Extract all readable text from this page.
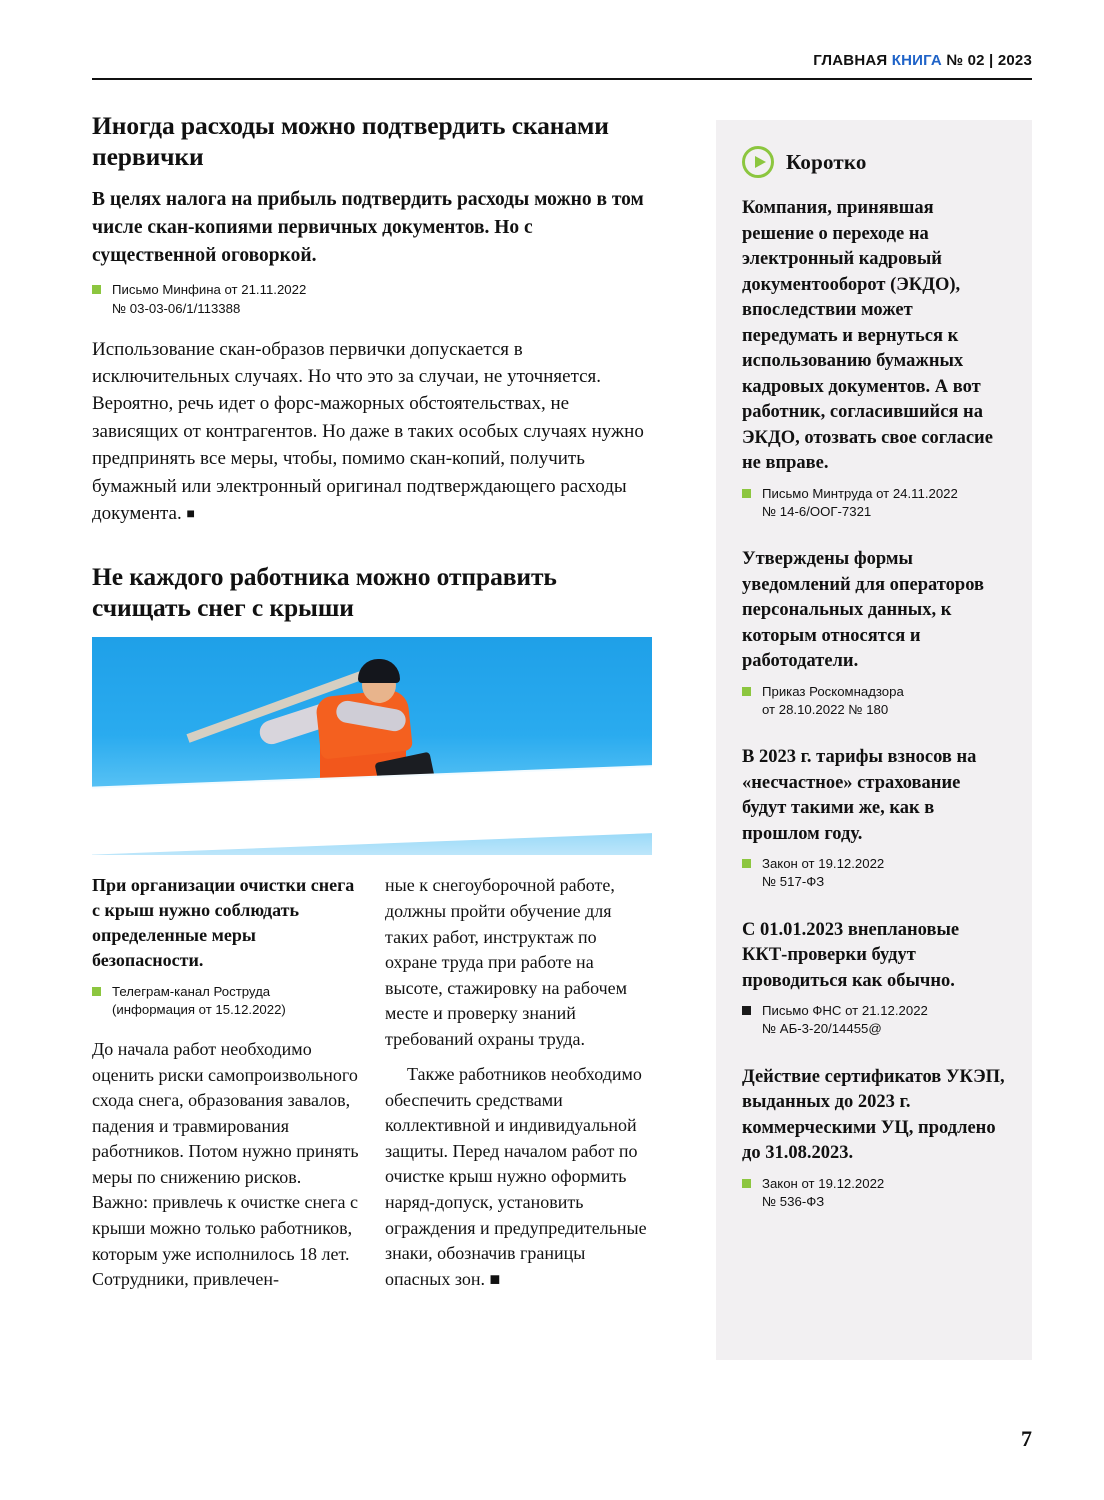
ГЛАВНАЯ КНИГА № 02 | 2023
Иногда расходы можно подтвердить сканами первички

В целях налога на прибыль подтвердить расходы можно в том числе скан-копиями первичных документов. Но с существенной оговоркой.

Письмо Минфина от 21.11.2022
№ 03-03-06/1/113388

Использование скан-образов первички допускается в исключительных случаях. Но что это за случаи, не уточняется. Вероятно, речь идет о форс-мажорных обстоятельствах, не зависящих от контрагентов. Но даже в таких особых случаях нужно предпринять все меры, чтобы, помимо скан-копий, получить бумажный или электронный оригинал подтверждающего расходы документа. ■

Не каждого работника можно отправить счищать снег с крыши

При организации очистки снега с крыш нужно соблюдать определенные меры безопасности.

Телеграм-канал Роструда
(информация от 15.12.2022)

До начала работ необходимо оценить риски самопроизвольного схода снега, образования завалов, падения и травмирования работников. Потом нужно принять меры по снижению рисков. Важно: привлечь к очистке снега с крыши можно только работников, которым уже исполнилось 18 лет. Сотрудники, привлечен-

ные к снегоуборочной работе, должны пройти обучение для таких работ, инструктаж по охране труда при работе на высоте, стажировку на рабочем месте и проверку знаний требований охраны труда.

Также работников необходимо обеспечить средствами коллективной и индивидуальной защиты. Перед началом работ по очистке крыш нужно оформить наряд-допуск, установить ограждения и предупредительные знаки, обозначив границы опасных зон. ■

Коротко

Компания, принявшая решение о переходе на электронный кадровый документооборот (ЭКДО), впоследствии может передумать и вернуться к использованию бумажных кадровых документов. А вот работник, согласившийся на ЭКДО, отозвать свое согласие не вправе.

Письмо Минтруда от 24.11.2022
№ 14-6/ООГ-7321

Утверждены формы уведомлений для операторов персональных данных, к которым относятся и работодатели.

Приказ Роскомнадзора
от 28.10.2022 № 180

В 2023 г. тарифы взносов на «несчастное» страхование будут такими же, как в прошлом году.

Закон от 19.12.2022
№ 517-ФЗ

С 01.01.2023 внеплановые ККТ-проверки будут проводиться как обычно.

Письмо ФНС от 21.12.2022
№ АБ-3-20/14455@

Действие сертификатов УКЭП, выданных до 2023 г. коммерческими УЦ, продлено до 31.08.2023.

Закон от 19.12.2022
№ 536-ФЗ
7
